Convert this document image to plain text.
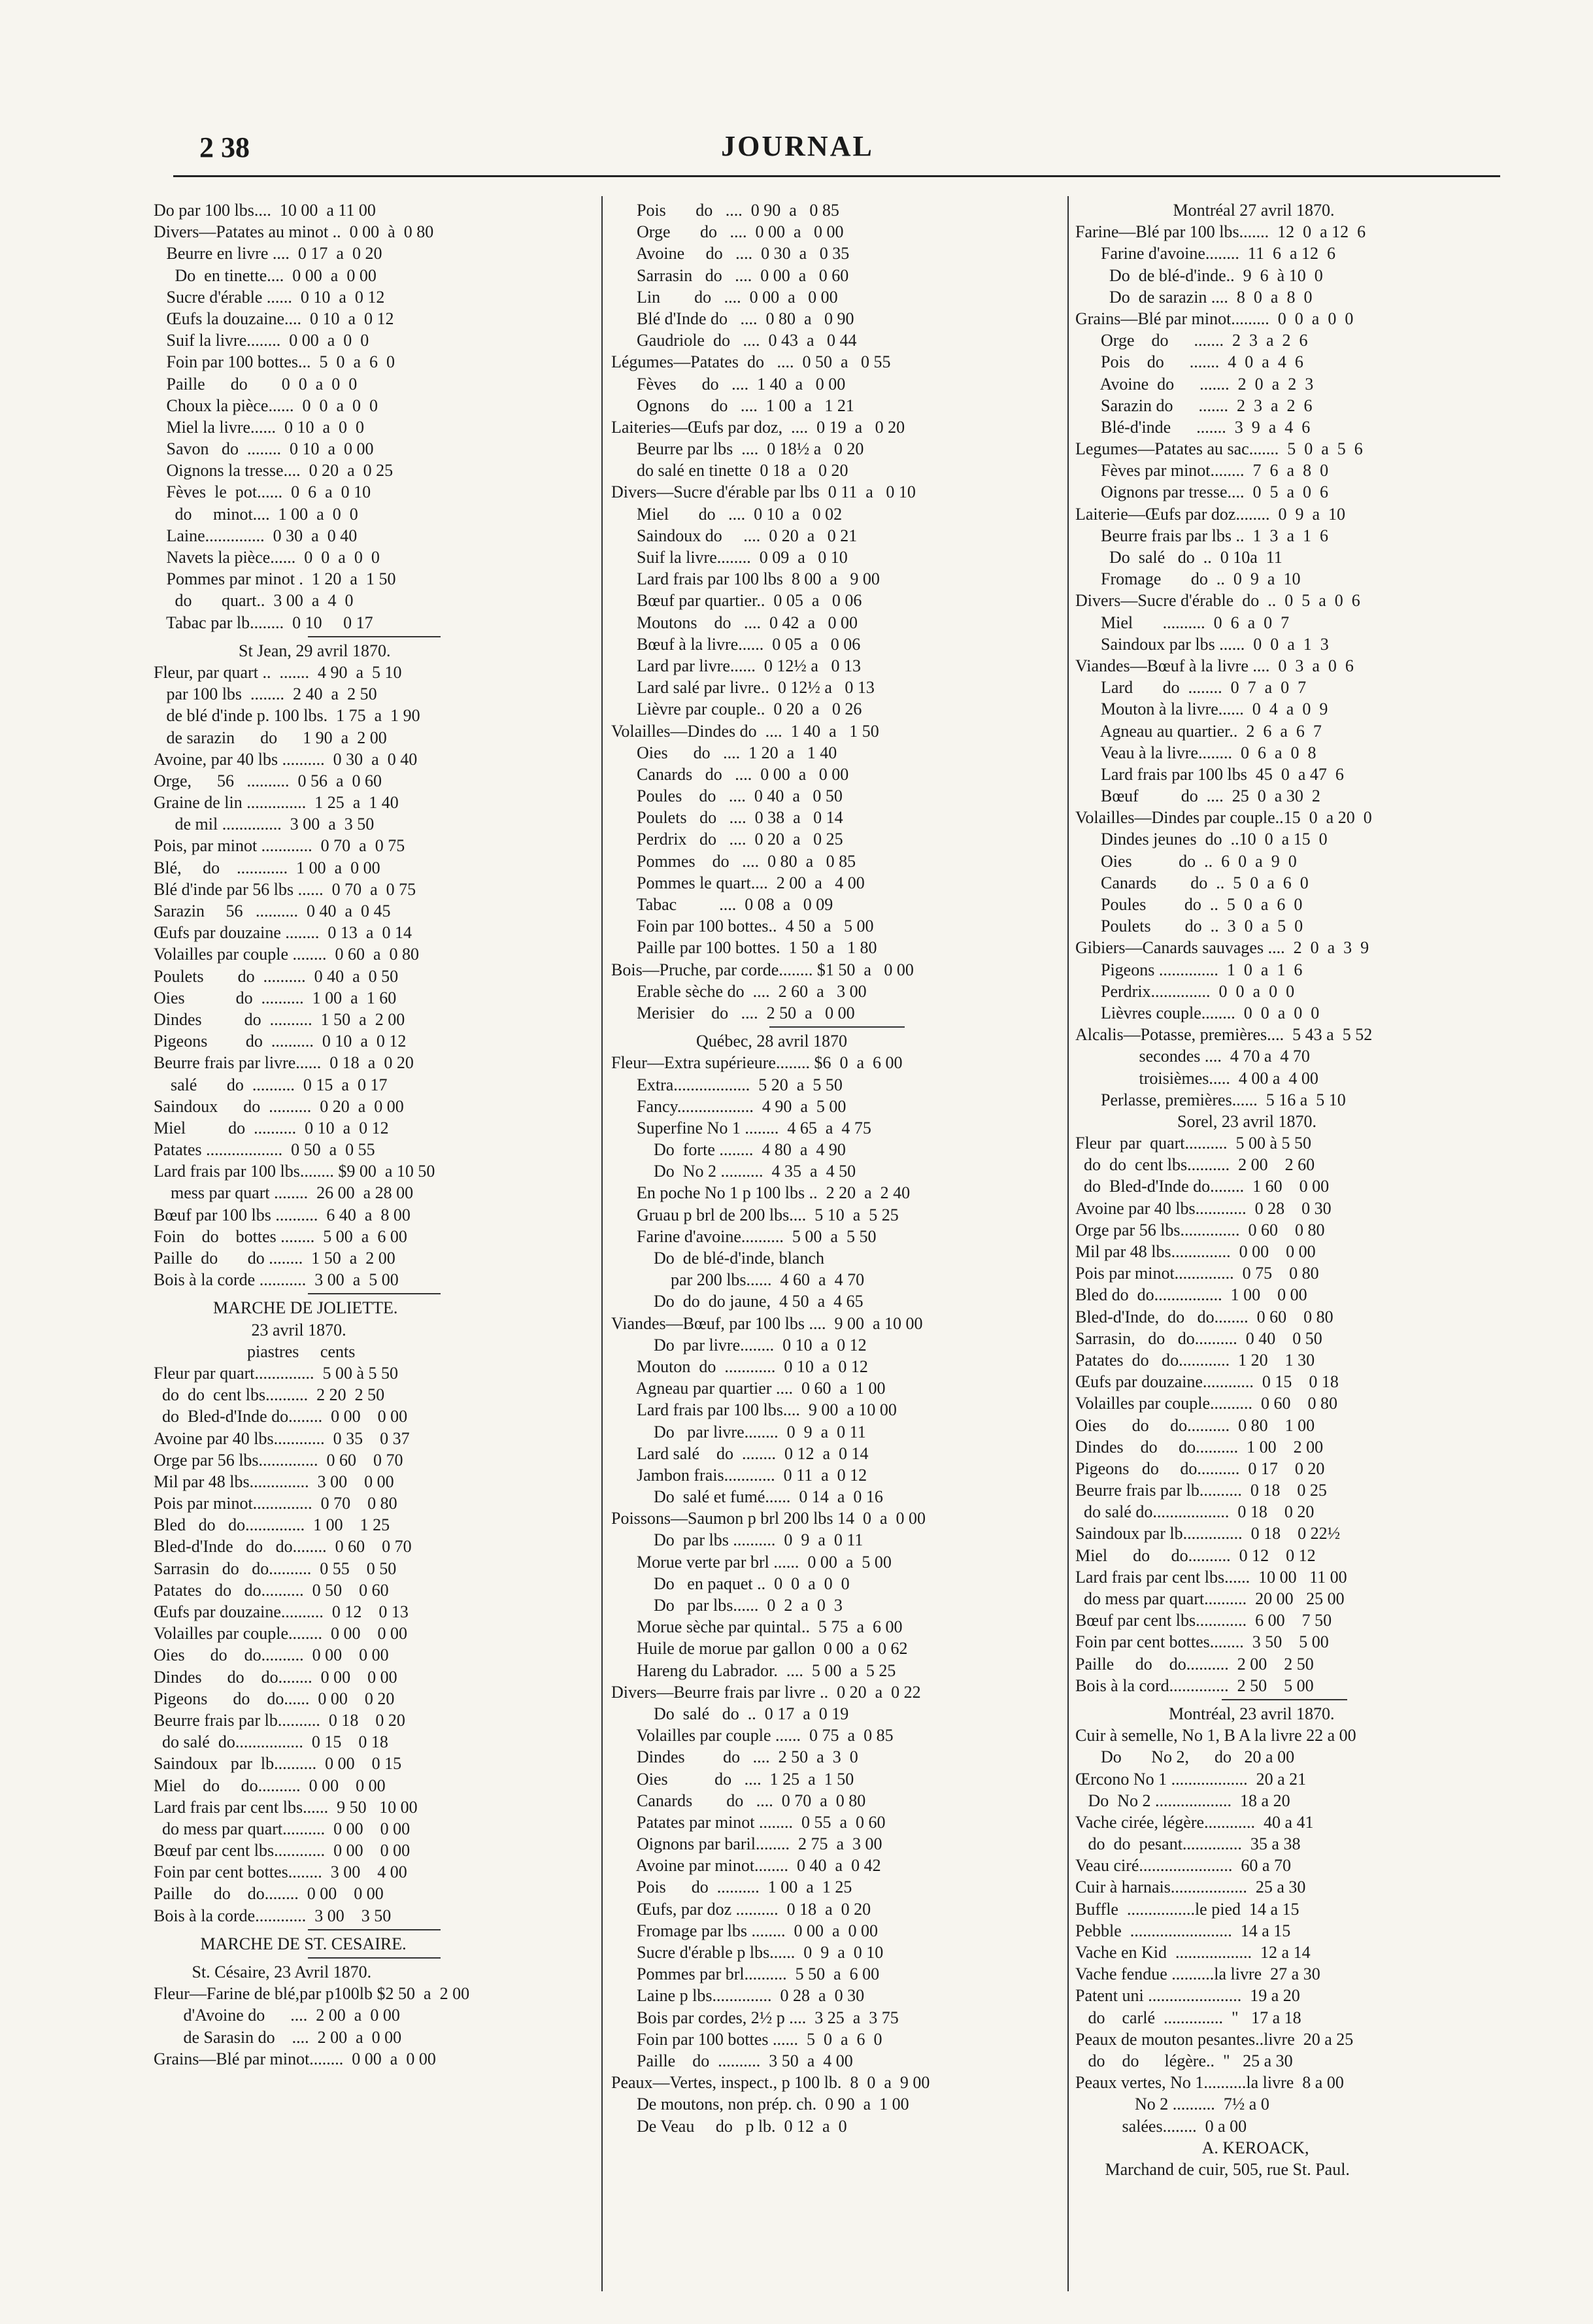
2 38	JOURNAL
Do par 100 lbs....  10 00  a 11 00
Divers—Patates au minot ..  0 00  à  0 80
Beurre en livre ....  0 17  a  0 20
Do  en tinette....  0 00  a  0 00
Sucre d'érable ......  0 10  a  0 12
Œufs la douzaine....  0 10  a  0 12
Suif la livre........  0 00  a  0  0
Foin par 100 bottes...  5  0  a  6  0
Paille      do        0  0  a  0  0
Choux la pièce......  0  0  a  0  0
Miel la livre......  0 10  a  0  0
Savon   do  ........  0 10  a  0 00
Oignons la tresse....  0 20  a  0 25
Fèves  le  pot......  0  6  a  0 10
do     minot....  1 00  a  0  0
Laine..............  0 30  a  0 40
Navets la pièce......  0  0  a  0  0
Pommes par minot .  1 20  a  1 50
do       quart..  3 00  a  4  0
Tabac par lb........  0 10     0 17
St Jean, 29 avril 1870.
Fleur, par quart ..  .......  4 90  a  5 10
par 100 lbs  ........  2 40  a  2 50
de blé d'inde p. 100 lbs.  1 75  a  1 90
de sarazin      do      1 90  a  2 00
Avoine, par 40 lbs ..........  0 30  a  0 40
Orge,      56   ..........  0 56  a  0 60
Graine de lin ..............  1 25  a  1 40
de mil ..............  3 00  a  3 50
Pois, par minot ............  0 70  a  0 75
Blé,     do    ............  1 00  a  0 00
Blé d'inde par 56 lbs ......  0 70  a  0 75
Sarazin     56   ..........  0 40  a  0 45
Œufs par douzaine ........  0 13  a  0 14
Volailles par couple ........  0 60  a  0 80
Poulets        do  ..........  0 40  a  0 50
Oies            do  ..........  1 00  a  1 60
Dindes          do  ..........  1 50  a  2 00
Pigeons         do  ..........  0 10  a  0 12
Beurre frais par livre......  0 18  a  0 20
salé       do  ..........  0 15  a  0 17
Saindoux      do  ..........  0 20  a  0 00
Miel          do  ..........  0 10  a  0 12
Patates ..................  0 50  a  0 55
Lard frais par 100 lbs........ $9 00  a 10 50
mess par quart ........  26 00  a 28 00
Bœuf par 100 lbs ..........  6 40  a  8 00
Foin    do    bottes ........  5 00  a  6 00
Paille  do       do ........  1 50  a  2 00
Bois à la corde ...........  3 00  a  5 00
MARCHE DE JOLIETTE.
23 avril 1870.
piastres     cents
Fleur par quart..............  5 00 à 5 50
do  do  cent lbs..........  2 20  2 50
do  Bled-d'Inde do........  0 00    0 00
Avoine par 40 lbs............  0 35    0 37
Orge par 56 lbs..............  0 60    0 70
Mil par 48 lbs..............  3 00    0 00
Pois par minot..............  0 70    0 80
Bled   do   do..............  1 00    1 25
Bled-d'Inde   do   do........  0 60    0 70
Sarrasin   do   do..........  0 55    0 50
Patates   do   do..........  0 50    0 60
Œufs par douzaine..........  0 12    0 13
Volailles par couple........  0 00    0 00
Oies      do    do..........  0 00    0 00
Dindes      do    do........  0 00    0 00
Pigeons      do    do......  0 00    0 20
Beurre frais par lb..........  0 18    0 20
do salé  do................  0 15    0 18
Saindoux   par  lb..........  0 00    0 15
Miel    do     do..........  0 00    0 00
Lard frais par cent lbs......  9 50   10 00
do mess par quart..........  0 00    0 00
Bœuf par cent lbs............  0 00    0 00
Foin par cent bottes........  3 00    4 00
Paille     do    do........  0 00    0 00
Bois à la corde............  3 00    3 50
MARCHE DE ST. CESAIRE.
St. Césaire, 23 Avril 1870.
Fleur—Farine de blé,par p100lb $2 50  a  2 00
d'Avoine do      ....  2 00  a  0 00
de Sarasin do    ....  2 00  a  0 00
Grains—Blé par minot........  0 00  a  0 00
Pois       do   ....  0 90  a   0 85
Orge       do   ....  0 00  a   0 00
Avoine     do   ....  0 30  a   0 35
Sarrasin   do   ....  0 00  a   0 60
Lin        do   ....  0 00  a   0 00
Blé d'Inde do   ....  0 80  a   0 90
Gaudriole  do   ....  0 43  a   0 44
Légumes—Patates  do   ....  0 50  a   0 55
Fèves      do   ....  1 40  a   0 00
Ognons     do   ....  1 00  a   1 21
Laiteries—Œufs par doz,  ....  0 19  a   0 20
Beurre par lbs  ....  0 18½ a   0 20
do salé en tinette  0 18  a   0 20
Divers—Sucre d'érable par lbs  0 11  a   0 10
Miel       do   ....  0 10  a   0 02
Saindoux do     ....  0 20  a   0 21
Suif la livre........  0 09  a   0 10
Lard frais par 100 lbs  8 00  a   9 00
Bœuf par quartier..  0 05  a   0 06
Moutons    do   ....  0 42  a   0 00
Bœuf à la livre......  0 05  a   0 06
Lard par livre......  0 12½ a   0 13
Lard salé par livre..  0 12½ a   0 13
Lièvre par couple..  0 20  a   0 26
Volailles—Dindes do  ....  1 40  a   1 50
Oies      do   ....  1 20  a   1 40
Canards   do   ....  0 00  a   0 00
Poules    do   ....  0 40  a   0 50
Poulets   do   ....  0 38  a   0 14
Perdrix   do   ....  0 20  a   0 25
Pommes    do   ....  0 80  a   0 85
Pommes le quart....  2 00  a   4 00
Tabac          ....  0 08  a   0 09
Foin par 100 bottes..  4 50  a   5 00
Paille par 100 bottes.  1 50  a   1 80
Bois—Pruche, par corde........ $1 50  a   0 00
Erable sèche do  ....  2 60  a   3 00
Merisier    do   ....  2 50  a   0 00
Québec, 28 avril 1870
Fleur—Extra supérieure........ $6  0  a  6 00
Extra..................  5 20  a  5 50
Fancy..................  4 90  a  5 00
Superfine No 1 ........  4 65  a  4 75
Do  forte ........  4 80  a  4 90
Do  No 2 ..........  4 35  a  4 50
En poche No 1 p 100 lbs ..  2 20  a  2 40
Gruau p brl de 200 lbs....  5 10  a  5 25
Farine d'avoine..........  5 00  a  5 50
Do  de blé-d'inde, blanch
par 200 lbs......  4 60  a  4 70
Do  do  do jaune,  4 50  a  4 65
Viandes—Bœuf, par 100 lbs ....  9 00  a 10 00
Do  par livre........  0 10  a  0 12
Mouton  do  ............  0 10  a  0 12
Agneau par quartier ....  0 60  a  1 00
Lard frais par 100 lbs....  9 00  a 10 00
Do   par livre........  0  9  a  0 11
Lard salé    do  ........  0 12  a  0 14
Jambon frais............  0 11  a  0 12
Do  salé et fumé......  0 14  a  0 16
Poissons—Saumon p brl 200 lbs 14  0  a  0 00
Do  par lbs ..........  0  9  a  0 11
Morue verte par brl ......  0 00  a  5 00
Do   en paquet ..  0  0  a  0  0
Do   par lbs......  0  2  a  0  3
Morue sèche par quintal..  5 75  a  6 00
Huile de morue par gallon  0 00  a  0 62
Hareng du Labrador.  ....  5 00  a  5 25
Divers—Beurre frais par livre ..  0 20  a  0 22
Do  salé   do  ..  0 17  a  0 19
Volailles par couple ......  0 75  a  0 85
Dindes         do   ....  2 50  a  3  0
Oies           do   ....  1 25  a  1 50
Canards        do   ....  0 70  a  0 80
Patates par minot ........  0 55  a  0 60
Oignons par baril........  2 75  a  3 00
Avoine par minot........  0 40  a  0 42
Pois      do  ..........  1 00  a  1 25
Œufs, par doz ..........  0 18  a  0 20
Fromage par lbs ........  0 00  a  0 00
Sucre d'érable p lbs......  0  9  a  0 10
Pommes par brl..........  5 50  a  6 00
Laine p lbs..............  0 28  a  0 30
Bois par cordes, 2½ p ....  3 25  a  3 75
Foin par 100 bottes ......  5  0  a  6  0
Paille    do  ..........  3 50  a  4 00
Peaux—Vertes, inspect., p 100 lb.  8  0  a  9 00
De moutons, non prép. ch.  0 90  a  1 00
De Veau     do   p lb.  0 12  a  0
Montréal 27 avril 1870.
Farine—Blé par 100 lbs.......  12  0  a 12  6
Farine d'avoine........  11  6  a 12  6
Do  de blé-d'inde..  9  6  à 10  0
Do  de sarazin ....  8  0  a  8  0
Grains—Blé par minot.........  0  0  a  0  0
Orge    do      .......  2  3  a  2  6
Pois    do      .......  4  0  a  4  6
Avoine  do      .......  2  0  a  2  3
Sarazin do      .......  2  3  a  2  6
Blé-d'inde      .......  3  9  a  4  6
Legumes—Patates au sac.......  5  0  a  5  6
Fèves par minot........  7  6  a  8  0
Oignons par tresse....  0  5  a  0  6
Laiterie—Œufs par doz........  0  9  a  10
Beurre frais par lbs ..  1  3  a  1  6
Do  salé   do  ..  0 10a  11
Fromage       do  ..  0  9  a  10
Divers—Sucre d'érable  do  ..  0  5  a  0  6
Miel       ..........  0  6  a  0  7
Saindoux par lbs ......  0  0  a  1  3
Viandes—Bœuf à la livre ....  0  3  a  0  6
Lard       do  ........  0  7  a  0  7
Mouton à la livre......  0  4  a  0  9
Agneau au quartier..  2  6  a  6  7
Veau à la livre........  0  6  a  0  8
Lard frais par 100 lbs  45  0  a 47  6
Bœuf          do  ....  25  0  a 30  2
Volailles—Dindes par couple..15  0  a 20  0
Dindes jeunes  do  ..10  0  a 15  0
Oies           do  ..  6  0  a  9  0
Canards        do  ..  5  0  a  6  0
Poules         do  ..  5  0  a  6  0
Poulets        do  ..  3  0  a  5  0
Gibiers—Canards sauvages ....  2  0  a  3  9
Pigeons ..............  1  0  a  1  6
Perdrix..............  0  0  a  0  0
Lièvres couple........  0  0  a  0  0
Alcalis—Potasse, premières....  5 43 a  5 52
secondes ....  4 70 a  4 70
troisièmes.....  4 00 a  4 00
Perlasse, premières......  5 16 a  5 10
Sorel, 23 avril 1870.
Fleur  par  quart..........  5 00 à 5 50
do  do  cent lbs..........  2 00    2 60
do  Bled-d'Inde do........  1 60    0 00
Avoine par 40 lbs............  0 28    0 30
Orge par 56 lbs..............  0 60    0 80
Mil par 48 lbs..............  0 00    0 00
Pois par minot..............  0 75    0 80
Bled do  do................  1 00    0 00
Bled-d'Inde,  do   do........  0 60    0 80
Sarrasin,   do   do..........  0 40    0 50
Patates  do   do............  1 20    1 30
Œufs par douzaine............  0 15    0 18
Volailles par couple..........  0 60    0 80
Oies      do     do..........  0 80    1 00
Dindes    do     do..........  1 00    2 00
Pigeons   do     do..........  0 17    0 20
Beurre frais par lb..........  0 18    0 25
do salé do..................  0 18    0 20
Saindoux par lb..............  0 18    0 22½
Miel      do     do..........  0 12    0 12
Lard frais par cent lbs......  10 00   11 00
do mess par quart..........  20 00   25 00
Bœuf par cent lbs............  6 00    7 50
Foin par cent bottes........  3 50    5 00
Paille     do    do..........  2 00    2 50
Bois à la cord..............  2 50    5 00
Montréal, 23 avril 1870.
Cuir à semelle, No 1, B A la livre 22 a 00
Do       No 2,      do   20 a 00
Œrcono No 1 ..................  20 a 21
Do  No 2 ..................  18 a 20
Vache cirée, légère............  40 a 41
do  do  pesant..............  35 a 38
Veau ciré......................  60 a 70
Cuir à harnais..................  25 a 30
Buffle  ................le pied  14 a 15
Pebble  ........................  14 a 15
Vache en Kid  ..................  12 a 14
Vache fendue ..........la livre  27 a 30
Patent uni ......................  19 a 20
do    carlé  ..............  "   17 a 18
Peaux de mouton pesantes..livre  20 a 25
do    do      légère..  "   25 a 30
Peaux vertes, No 1..........la livre  8 a 00
No 2 ..........  7½ a 0
salées........  0 a 00
A. KEROACK,
Marchand de cuir, 505, rue St. Paul.
